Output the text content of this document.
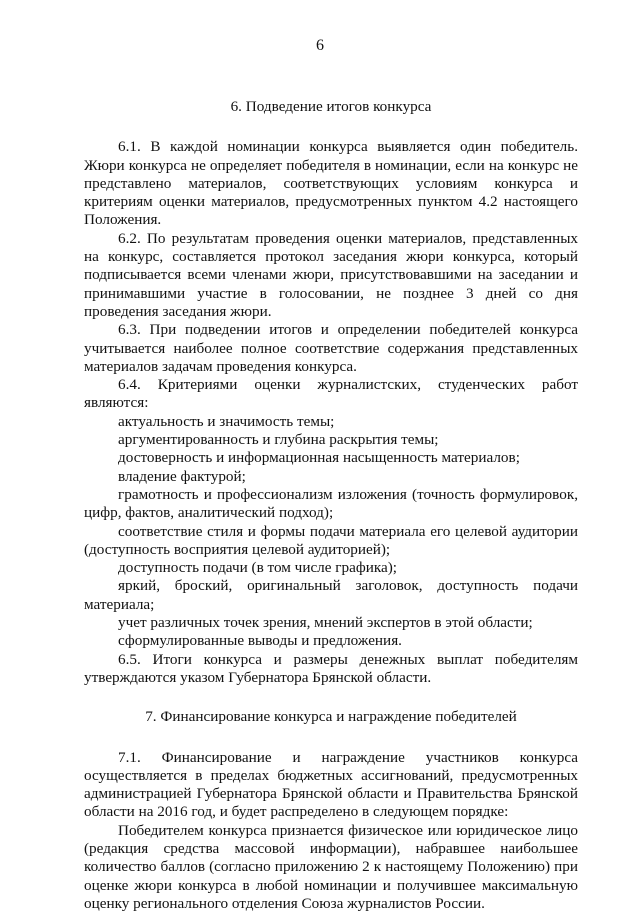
6

6. Подведение итогов конкурса

6.1. В каждой номинации конкурса выявляется один победитель. Жюри конкурса не определяет победителя в номинации, если на конкурс не представлено материалов, соответствующих условиям конкурса и критериям оценки материалов, предусмотренных пунктом 4.2 настоящего Положения.

6.2. По результатам проведения оценки материалов, представленных на конкурс, составляется протокол заседания жюри конкурса, который подписывается всеми членами жюри, присутствовавшими на заседании и принимавшими участие в голосовании, не позднее 3 дней со дня проведения заседания жюри.

6.3. При подведении итогов и определении победителей конкурса учитывается наиболее полное соответствие содержания представленных материалов задачам проведения конкурса.

6.4. Критериями оценки журналистских, студенческих работ являются:

актуальность и значимость темы;

аргументированность и глубина раскрытия темы;

достоверность и информационная насыщенность материалов;

владение фактурой;

грамотность и профессионализм изложения (точность формулировок, цифр, фактов, аналитический подход);

соответствие стиля и формы подачи материала его целевой аудитории (доступность восприятия целевой аудиторией);

доступность подачи (в том числе графика);

яркий, броский, оригинальный заголовок, доступность подачи материала;

учет различных точек зрения, мнений экспертов в этой области;

сформулированные выводы и предложения.

6.5. Итоги конкурса и размеры денежных выплат победителям утверждаются указом Губернатора Брянской области.

7. Финансирование конкурса и награждение победителей

7.1. Финансирование и награждение участников конкурса осуществляется в пределах бюджетных ассигнований, предусмотренных администрацией Губернатора Брянской области и Правительства Брянской области на 2016 год, и будет распределено в следующем порядке:

Победителем конкурса признается физическое или юридическое лицо (редакция средства массовой информации), набравшее наибольшее количество баллов (согласно приложению 2 к настоящему Положению) при оценке жюри конкурса в любой номинации и получившее максимальную оценку регионального отделения Союза журналистов России.
